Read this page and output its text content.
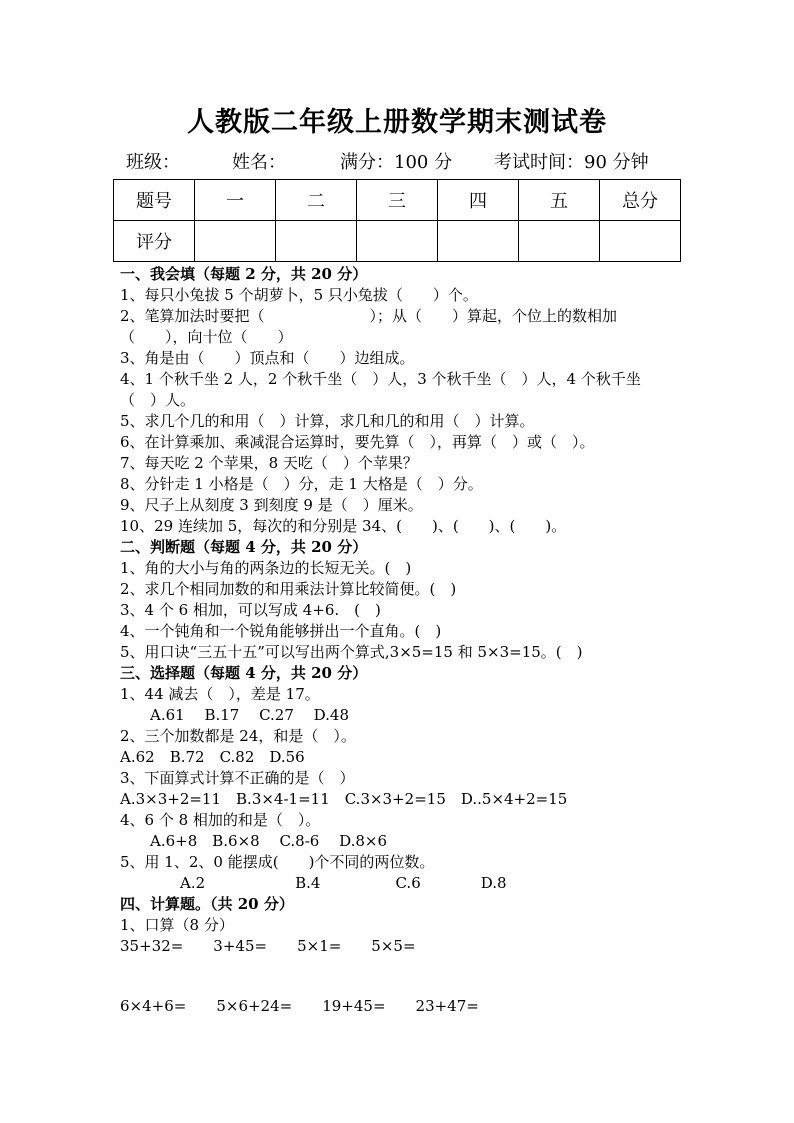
人教版二年级上册数学期末测试卷
班级：	姓名：	满分：100 分 考试时间：90 分钟
题号	一	二	三	四	五	总分
评分						
一、我会填（每题 2 分，共 20 分）
1、每只小兔拔 5 个胡萝卜，5 只小兔拔（　　）个。
2、笔算加法时要把（　　　　　　　）；从（　　）算起，个位上的数相加
（　　），向十位（　　）
3、角是由（　　）顶点和（　　）边组成。
4、1 个秋千坐 2 人，2 个秋千坐（　）人，3 个秋千坐（　）人，4 个秋千坐
（　）人。
5、求几个几的和用（　）计算，求几和几的和用（　）计算。
6、在计算乘加、乘减混合运算时，要先算（　），再算（　）或（　）。
7、每天吃 2 个苹果，8 天吃（　）个苹果？
8、分针走 1 小格是（　）分，走 1 大格是（　）分。
9、尺子上从刻度 3 到刻度 9 是（　）厘米。
10、29 连续加 5，每次的和分别是 34、(　　)、(　　)、(　　)。
二、判断题（每题 4 分，共 20 分）
1、角的大小与角的两条边的长短无关。(　)
2、求几个相同加数的和用乘法计算比较简便。(　)
3、4 个 6 相加，可以写成 4+6.　(　)
4、一个钝角和一个锐角能够拼出一个直角。(　)
5、用口诀“三五十五”可以写出两个算式,3×5=15 和 5×3=15。(　)
三、选择题（每题 4 分，共 20 分）
1、44 减去（　），差是 17。
　　A.61　 B.17　 C.27　 D.48
2、三个加数都是 24，和是（　）。
A.62　B.72　C.82　D.56
3、下面算式计算不正确的是（　）
A.3×3+2=11　B.3×4-1=11　C.3×3+2=15　D..5×4+2=15
4、6 个 8 相加的和是（　）。
　　A.6+8　B.6×8　 C.8-6　 D.8×6
5、用 1、2、0 能摆成(　　)个不同的两位数。
　　　　A.2　　　　　　B.4　　　　　C.6　　　　D.8
四、计算题。（共 20 分）
1、口算（8 分）
35+32=　　3+45=　　5×1=　　5×5=
6×4+6=　　5×6+24=　　19+45=　　23+47=
